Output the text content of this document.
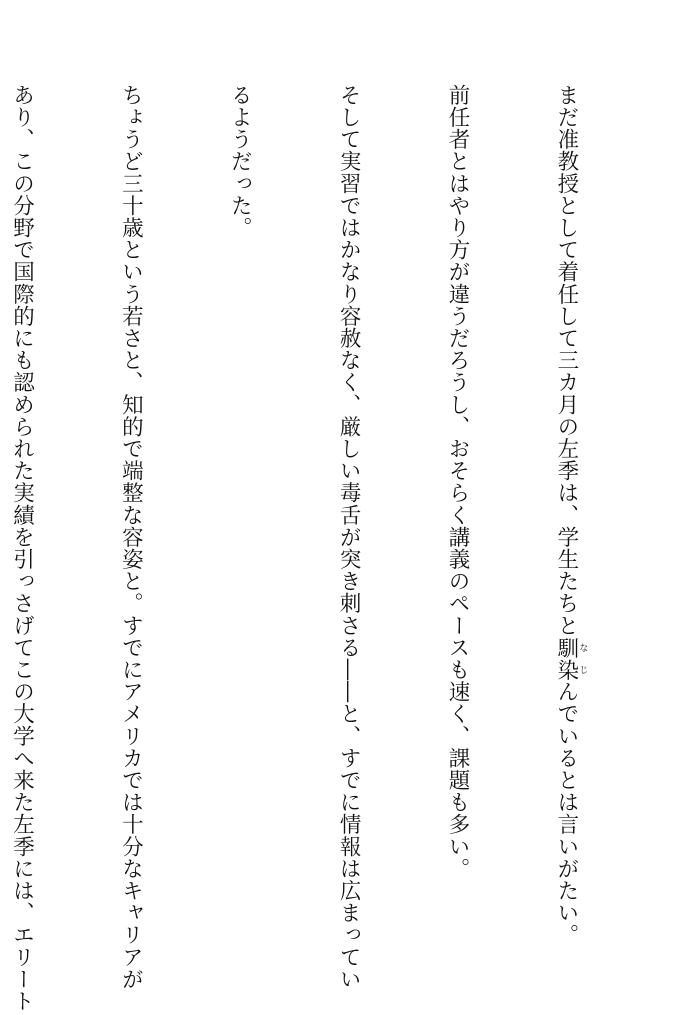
まだ准教授として着任して三カ月の左季は、学生たちと馴染なじんでいるとは言いがたい。

前任者とはやり方が違うだろうし、おそらく講義のペースも速く、課題も多い。

そして実習ではかなり容赦なく、厳しい毒舌が突き刺さる――と、すでに情報は広まってい

るようだった。

ちょうど三十歳という若さと、知的で端整な容姿と。すでにアメリカでは十分なキャリアが

あり、この分野で国際的にも認められた実績を引っさげてこの大学へ来た左季には、エリート
